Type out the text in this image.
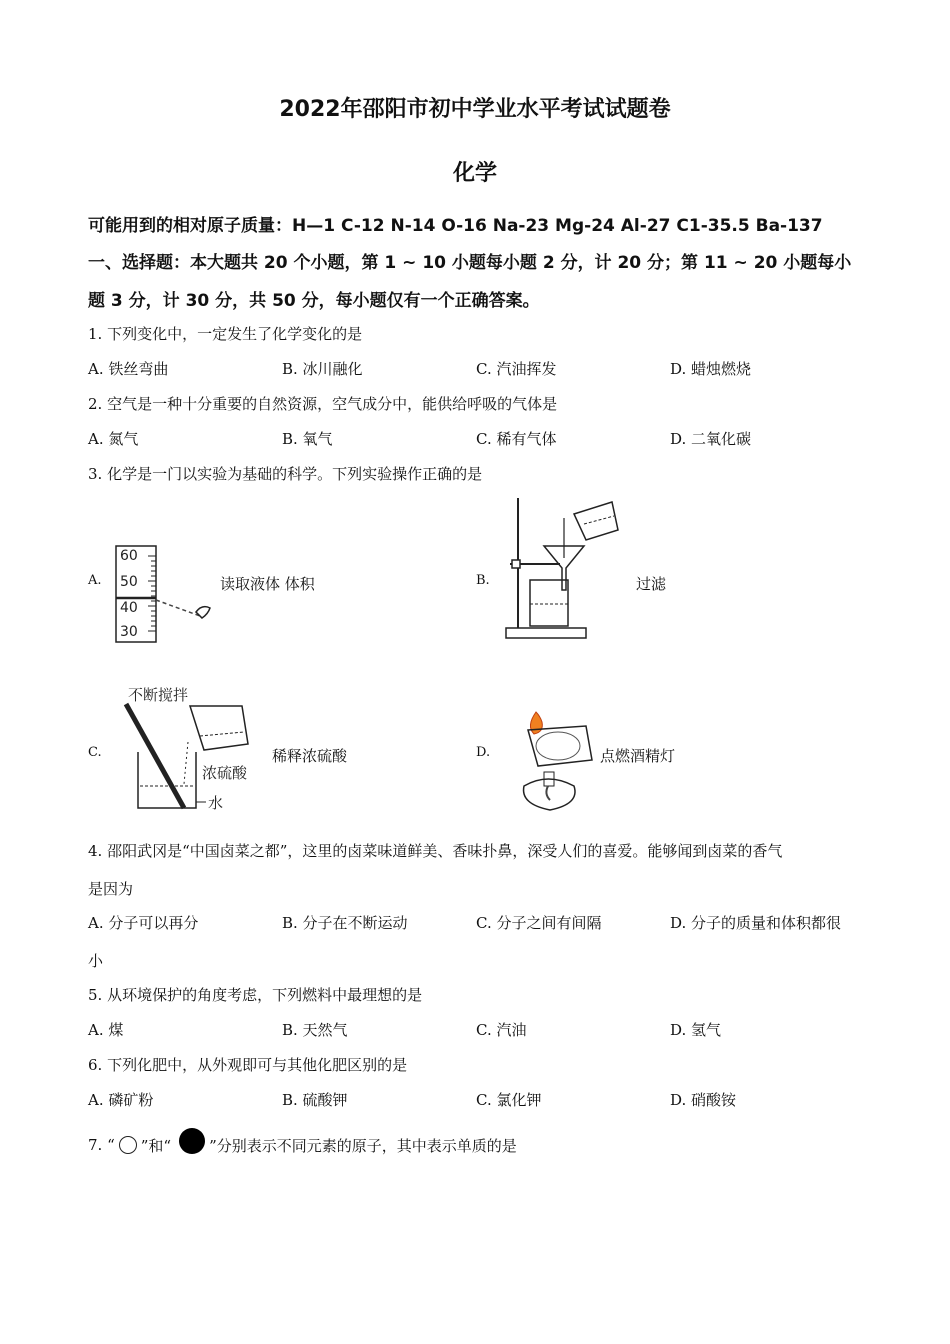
2022年邵阳市初中学业水平考试试题卷
化学
可能用到的相对原子质量：H—1 C-12 N-14 O-16 Na-23 Mg-24 Al-27 C1-35.5 Ba-137
一、选择题：本大题共 20 个小题，第 1 ~ 10 小题每小题 2 分，计 20 分；第 11 ~ 20 小题每小
题 3 分，计 30 分，共 50 分，每小题仅有一个正确答案。
1. 下列变化中，一定发生了化学变化的是
A. 铁丝弯曲	B. 冰川融化	C. 汽油挥发	D. 蜡烛燃烧
2. 空气是一种十分重要的自然资源，空气成分中，能供给呼吸的气体是
A. 氮气	B. 氧气	C. 稀有气体	D. 二氧化碳
3. 化学是一门以实验为基础的科学。下列实验操作正确的是
A.
60
50
40
30
读取液体 体积	B.	过滤
C.
不断搅拌
浓硫酸
水
稀释浓硫酸	D.	点燃酒精灯
4. 邵阳武冈是“中国卤菜之都”，这里的卤菜味道鲜美、香味扑鼻，深受人们的喜爱。能够闻到卤菜的香气
是因为
A. 分子可以再分	B. 分子在不断运动	C. 分子之间有间隔	D. 分子的质量和体积都很
小
5. 从环境保护的角度考虑，下列燃料中最理想的是
A. 煤	B. 天然气	C. 汽油	D. 氢气
6. 下列化肥中，从外观即可与其他化肥区别的是
A. 磷矿粉	B. 硫酸钾	C. 氯化钾	D. 硝酸铵
7. “ ”和“	”分别表示不同元素的原子，其中表示单质的是
